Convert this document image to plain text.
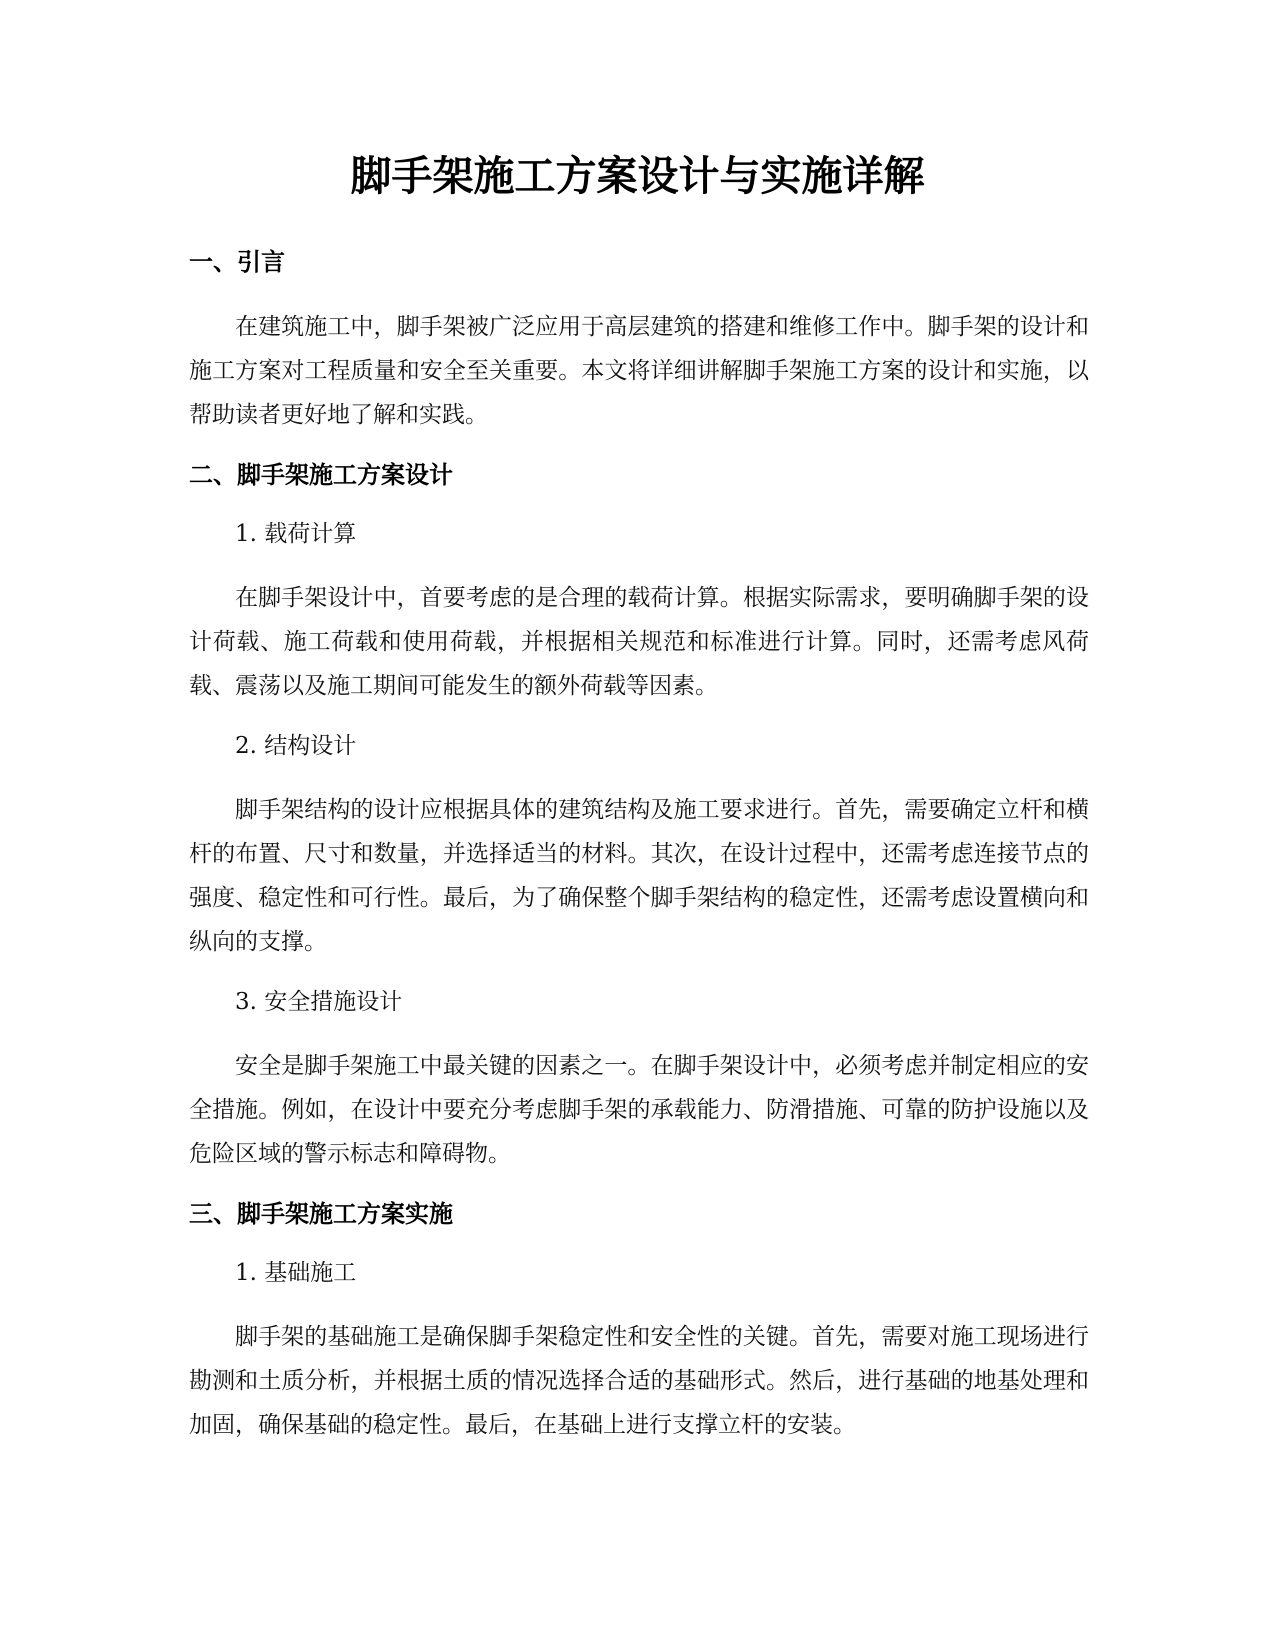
脚手架施工方案设计与实施详解
一、引言

在建筑施工中，脚手架被广泛应用于高层建筑的搭建和维修工作中。脚手架的设计和施工方案对工程质量和安全至关重要。本文将详细讲解脚手架施工方案的设计和实施，以帮助读者更好地了解和实践。

二、脚手架施工方案设计

1. 载荷计算

在脚手架设计中，首要考虑的是合理的载荷计算。根据实际需求，要明确脚手架的设计荷载、施工荷载和使用荷载，并根据相关规范和标准进行计算。同时，还需考虑风荷载、震荡以及施工期间可能发生的额外荷载等因素。

2. 结构设计

脚手架结构的设计应根据具体的建筑结构及施工要求进行。首先，需要确定立杆和横杆的布置、尺寸和数量，并选择适当的材料。其次，在设计过程中，还需考虑连接节点的强度、稳定性和可行性。最后，为了确保整个脚手架结构的稳定性，还需考虑设置横向和纵向的支撑。

3. 安全措施设计

安全是脚手架施工中最关键的因素之一。在脚手架设计中，必须考虑并制定相应的安全措施。例如，在设计中要充分考虑脚手架的承载能力、防滑措施、可靠的防护设施以及危险区域的警示标志和障碍物。

三、脚手架施工方案实施

1. 基础施工

脚手架的基础施工是确保脚手架稳定性和安全性的关键。首先，需要对施工现场进行勘测和土质分析，并根据土质的情况选择合适的基础形式。然后，进行基础的地基处理和加固，确保基础的稳定性。最后，在基础上进行支撑立杆的安装。
